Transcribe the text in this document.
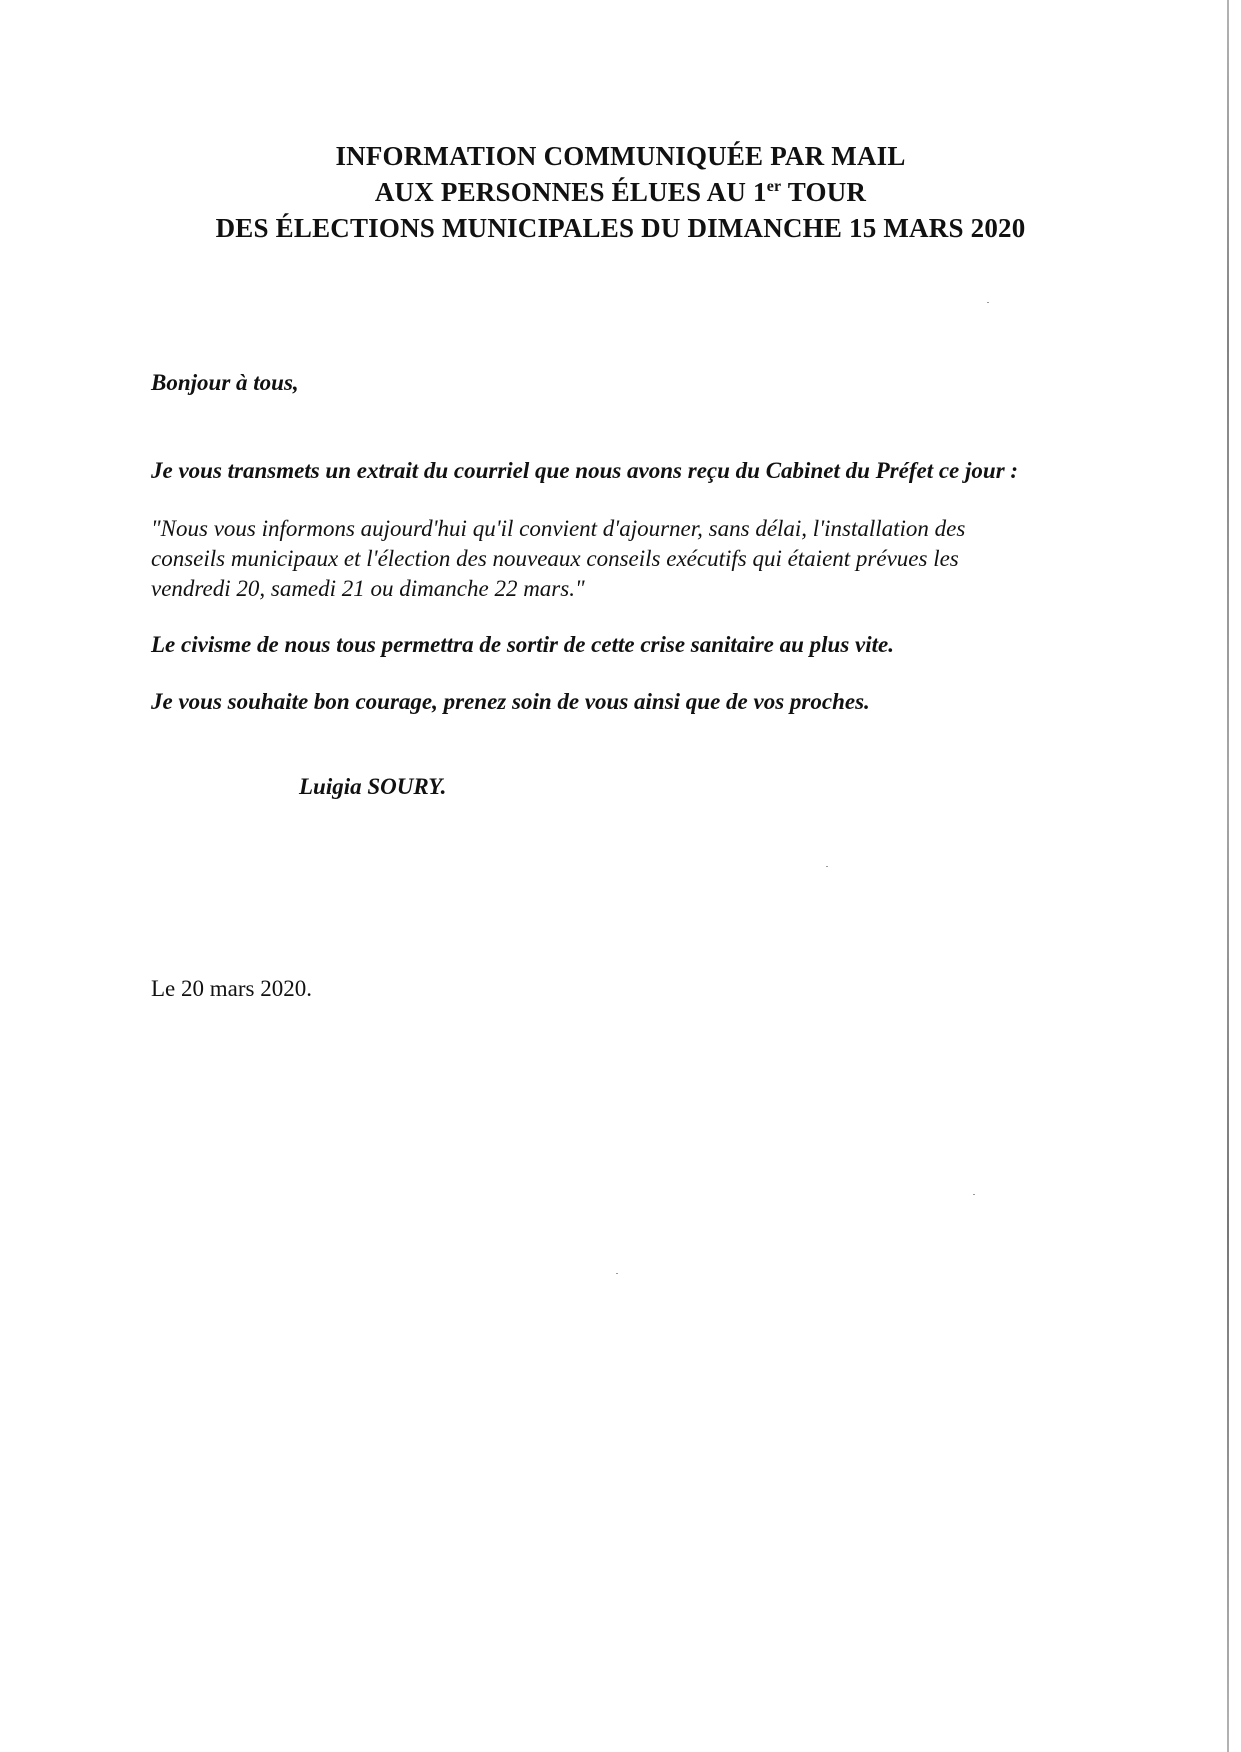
INFORMATION COMMUNIQUÉE PAR MAIL
AUX PERSONNES ÉLUES AU 1er TOUR
DES ÉLECTIONS MUNICIPALES DU DIMANCHE 15 MARS 2020

Bonjour à tous,

Je vous transmets un extrait du courriel que nous avons reçu du Cabinet du Préfet ce jour :

"Nous vous informons aujourd'hui qu'il convient d'ajourner, sans délai, l'installation des
conseils municipaux et l'élection des nouveaux conseils exécutifs qui étaient prévues les
vendredi 20, samedi 21 ou dimanche 22 mars."

Le civisme de nous tous permettra de sortir de cette crise sanitaire au plus vite.

Je vous souhaite bon courage, prenez soin de vous ainsi que de vos proches.

Luigia SOURY.

Le 20 mars 2020.
